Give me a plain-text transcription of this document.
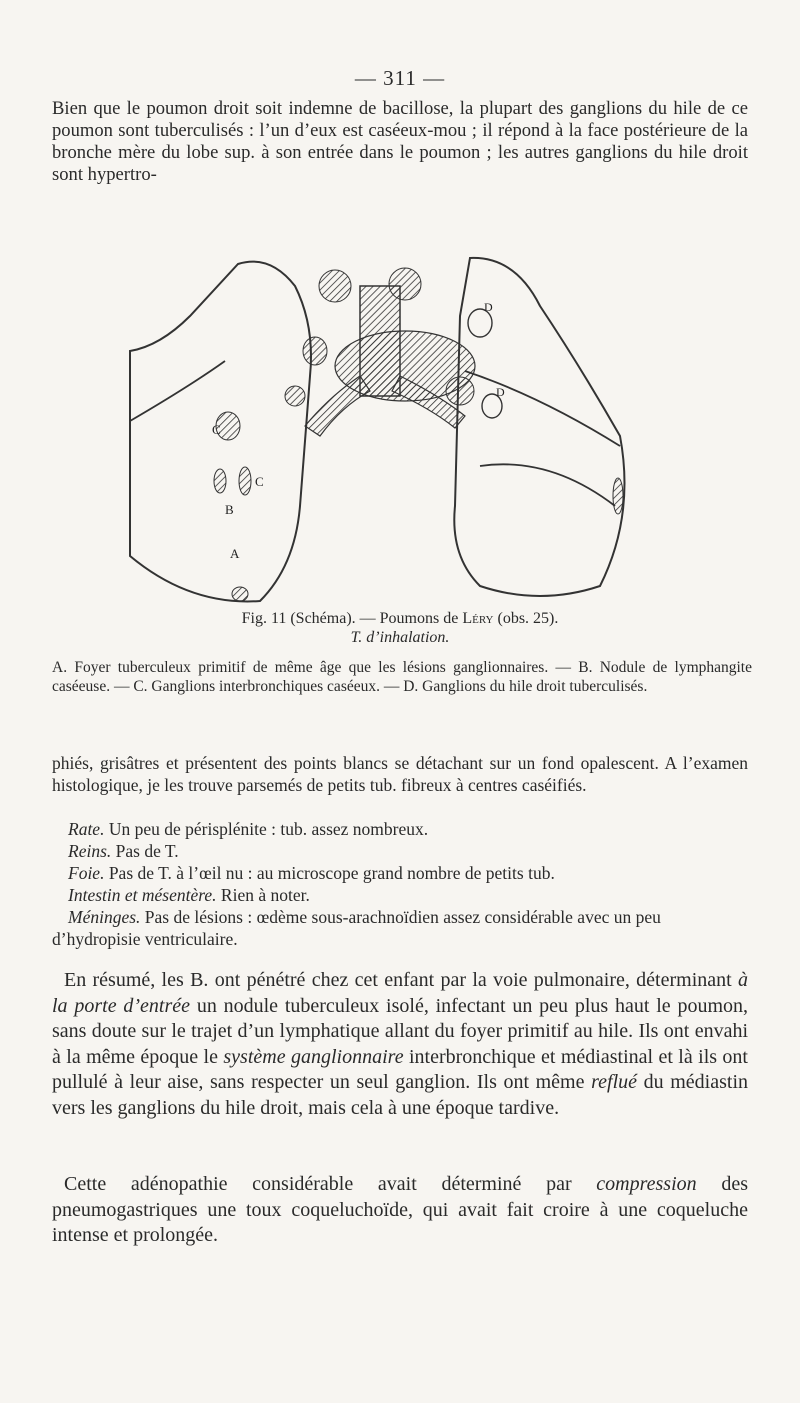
— 311 —

Bien que le poumon droit soit indemne de bacillose, la plupart des ganglions du hile de ce poumon sont tuberculisés : l’un d’eux est caséeux-mou ; il répond à la face postérieure de la bronche mère du lobe sup. à son entrée dans le poumon ; les autres ganglions du hile droit sont hypertro-

C
B
C
A
D
D
Fig. 11 (Schéma). — Poumons de Léry (obs. 25).
T. d’inhalation.

A. Foyer tuberculeux primitif de même âge que les lésions ganglionnaires. — B. Nodule de lymphangite caséeuse. — C. Ganglions interbronchiques caséeux. — D. Ganglions du hile droit tuberculisés.

phiés, grisâtres et présentent des points blancs se détachant sur un fond opalescent. A l’examen histologique, je les trouve parsemés de petits tub. fibreux à centres caséifiés.

Rate. Un peu de périsplénite : tub. assez nombreux.

Reins. Pas de T.

Foie. Pas de T. à l’œil nu : au microscope grand nombre de petits tub.

Intestin et mésentère. Rien à noter.

Méninges. Pas de lésions : œdème sous-arachnoïdien assez considérable avec un peu d’hydropisie ventriculaire.

En résumé, les B. ont pénétré chez cet enfant par la voie pulmonaire, déterminant à la porte d’entrée un nodule tuberculeux isolé, infectant un peu plus haut le poumon, sans doute sur le trajet d’un lymphatique allant du foyer primitif au hile. Ils ont envahi à la même époque le système ganglionnaire interbronchique et médiastinal et là ils ont pullulé à leur aise, sans respecter un seul ganglion. Ils ont même reflué du médiastin vers les ganglions du hile droit, mais cela à une époque tardive.

Cette adénopathie considérable avait déterminé par compression des pneumogastriques une toux coqueluchoïde, qui avait fait croire à une coqueluche intense et prolongée.
